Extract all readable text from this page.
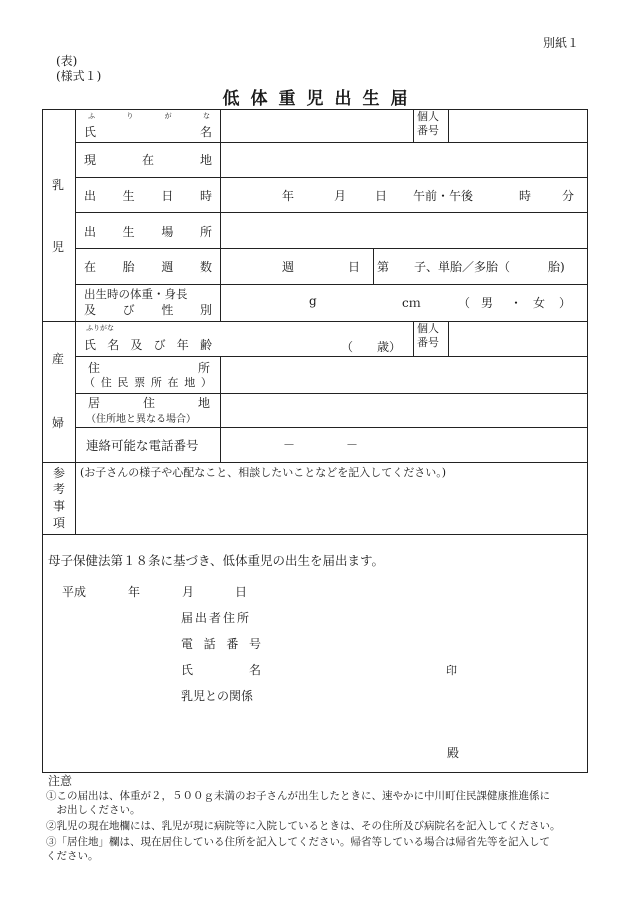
別紙１
(表)
(様式１)
低体重児出生届
乳
児
ふ	り	が	な
氏	名
個人
番号
現	在	地
出 生 日 時	年	月 日 午前・午後	時	分
出 生 場 所
在 胎 週 数	週	日 第 子、単胎／多胎（	胎)
出生時の体重・身長
及 び 性 別
g	cｍ	（ 男 ・ 女 ）
産
婦
ふりがな
氏 名 及 び 年 齢	（　　歳）
個人
番号
住	所
（ 住 民 票 所 在 地 ）
居	住	地
（住所地と異なる場合）
連絡可能な電話番号	－	－
参
考
事
項
(お子さんの様子や心配なこと、相談したいことなどを記入してください。)
母子保健法第１８条に基づき、低体重児の出生を届出ます。
平成	年	月	日
届出者住所
電 話 番 号
氏	名	印
乳児との関係
殿
注意
①この届出は、体重が２，５００ｇ未満のお子さんが出生したときに、速やかに中川町住民課健康推進係に
　お出しください。
②乳児の現在地欄には、乳児が現に病院等に入院しているときは、その住所及び病院名を記入してください。
③「居住地」欄は、現在居住している住所を記入してください。帰省等している場合は帰省先等を記入して
ください。
